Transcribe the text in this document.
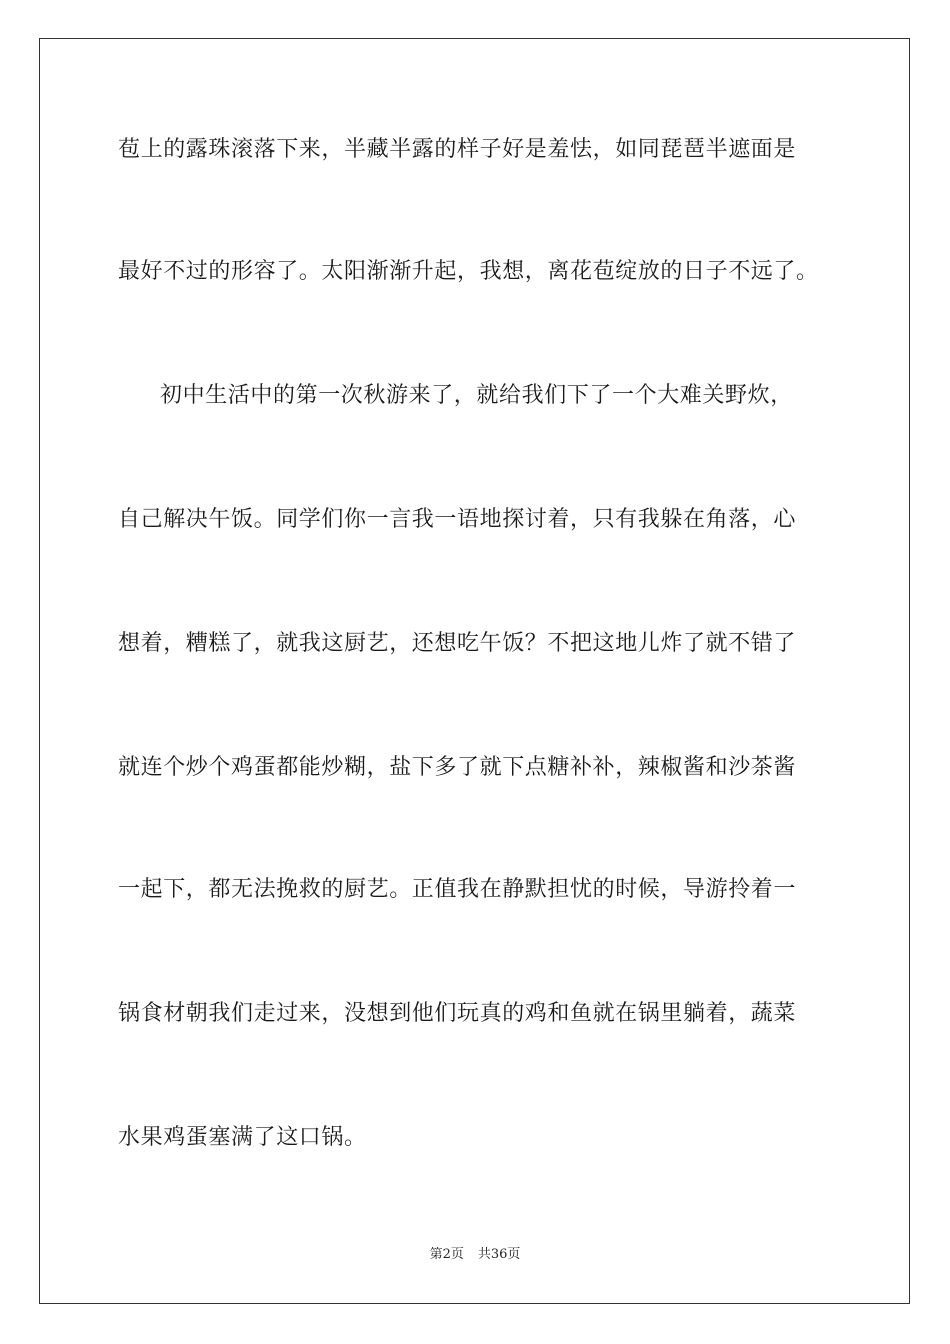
苞上的露珠滚落下来，半藏半露的样子好是羞怯，如同琵琶半遮面是
最好不过的形容了。太阳渐渐升起，我想，离花苞绽放的日子不远了。
初中生活中的第一次秋游来了，就给我们下了一个大难关野炊，
自己解决午饭。同学们你一言我一语地探讨着，只有我躲在角落，心
想着，糟糕了，就我这厨艺，还想吃午饭？不把这地儿炸了就不错了
就连个炒个鸡蛋都能炒糊，盐下多了就下点糖补补，辣椒酱和沙茶酱
一起下，都无法挽救的厨艺。正值我在静默担忧的时候，导游拎着一
锅食材朝我们走过来，没想到他们玩真的鸡和鱼就在锅里躺着，蔬菜
水果鸡蛋塞满了这口锅。
第2页 共36页
